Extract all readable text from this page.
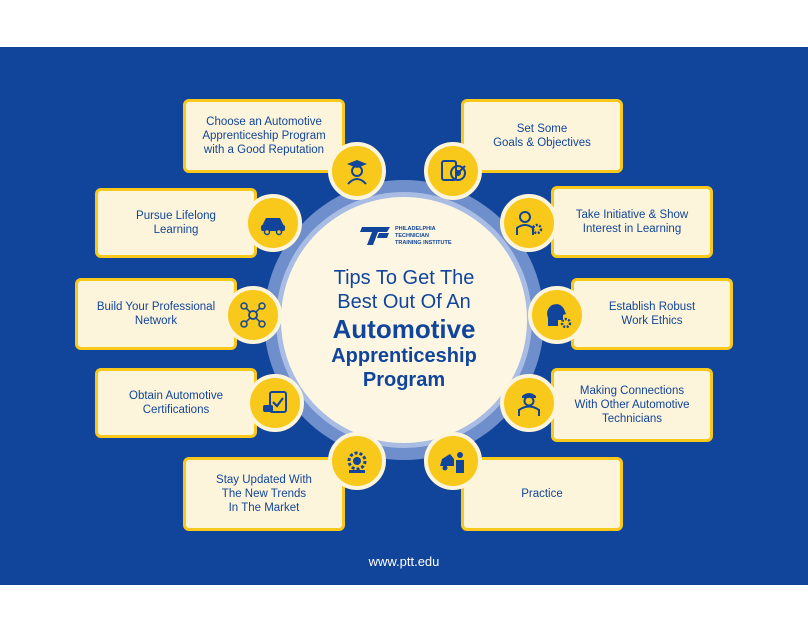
PHILADELPHIA
TECHNICIAN
TRAINING INSTITUTE
Tips To Get The
Best Out Of An
Automotive
Apprenticeship
Program
Choose an Automotive
Apprenticeship Program
with a Good Reputation
Pursue Lifelong
Learning
Build Your Professional
Network
Obtain Automotive
Certifications
Stay Updated With
The New Trends
In The Market
Set Some
Goals & Objectives
Take Initiative & Show
Interest in Learning
Establish Robust
Work Ethics
Making Connections
With Other Automotive
Technicians
Practice
www.ptt.edu
